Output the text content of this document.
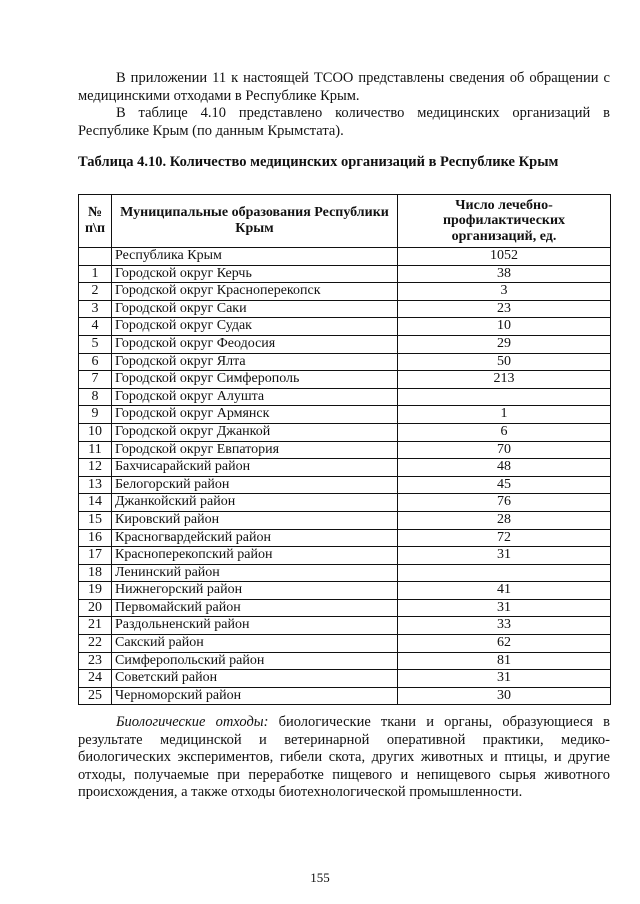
В приложении 11 к настоящей ТСОО представлены сведения об обращении с медицинскими отходами в Республике Крым.

В таблице 4.10 представлено количество медицинских организаций в Республике Крым (по данным Крымстата).

Таблица 4.10. Количество медицинских организаций в Республике Крым

№ п\п	Муниципальные образования Республики Крым	Число лечебно-профилактических организаций, ед.
	Республика Крым	1052
1	Городской округ Керчь	38
2	Городской округ Красноперекопск	3
3	Городской округ Саки	23
4	Городской округ Судак	10
5	Городской округ Феодосия	29
6	Городской округ Ялта	50
7	Городской округ Симферополь	213
8	Городской округ Алушта	
9	Городской округ Армянск	1
10	Городской округ Джанкой	6
11	Городской округ Евпатория	70
12	Бахчисарайский район	48
13	Белогорский район	45
14	Джанкойский район	76
15	Кировский район	28
16	Красногвардейский район	72
17	Красноперекопский район	31
18	Ленинский район	
19	Нижнегорский район	41
20	Первомайский район	31
21	Раздольненский район	33
22	Сакский район	62
23	Симферопольский район	81
24	Советский район	31
25	Черноморский район	30

Биологические отходы: биологические ткани и органы, образующиеся в результате медицинской и ветеринарной оперативной практики, медико-биологических экспериментов, гибели скота, других животных и птицы, и другие отходы, получаемые при переработке пищевого и непищевого сырья животного происхождения, а также отходы биотехнологической промышленности.

155
